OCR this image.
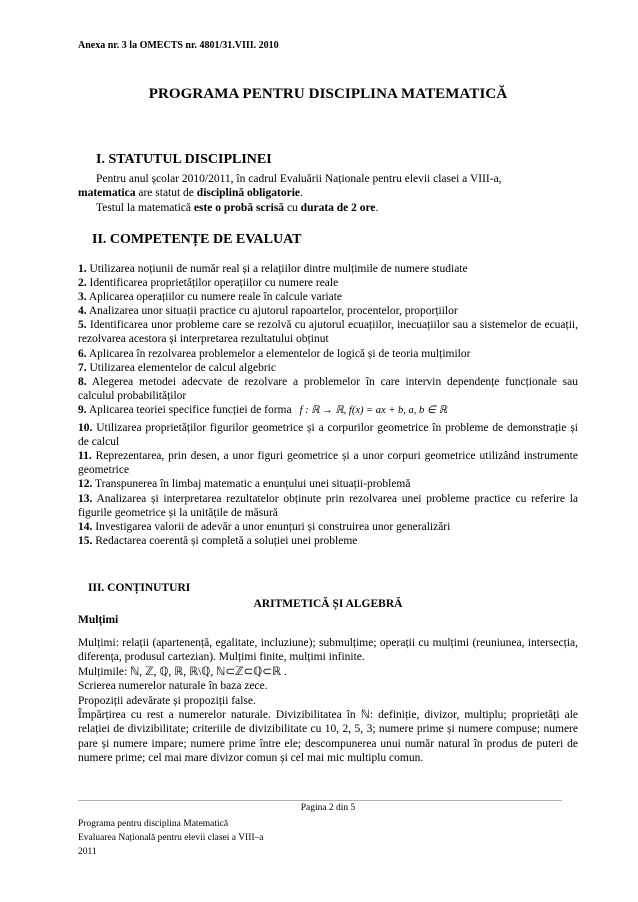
Anexa nr. 3 la OMECTS nr. 4801/31.VIII. 2010
PROGRAMA PENTRU DISCIPLINA MATEMATICĂ
I. STATUTUL DISCIPLINEI
Pentru anul școlar 2010/2011, în cadrul Evaluării Naționale pentru elevii clasei a VIII-a,
matematica are statut de disciplină obligatorie.
Testul la matematică este o probă scrisă cu durata de 2 ore.
II. COMPETENȚE DE EVALUAT
1. Utilizarea noțiunii de număr real și a relațiilor dintre mulțimile de numere studiate
2. Identificarea proprietăților operațiilor cu numere reale
3. Aplicarea operațiilor cu numere reale în calcule variate
4. Analizarea unor situații practice cu ajutorul rapoartelor, procentelor, proporțiilor
5. Identificarea unor probleme care se rezolvă cu ajutorul ecuațiilor, inecuațiilor sau a sistemelor de ecuații, rezolvarea acestora și interpretarea rezultatului obținut
6. Aplicarea în rezolvarea problemelor a elementelor de logică și de teoria mulțimilor
7. Utilizarea elementelor de calcul algebric
8. Alegerea metodei adecvate de rezolvare a problemelor în care intervin dependențe funcționale sau calculul probabilităților
9. Aplicarea teoriei specifice funcției de forma f : ℝ → ℝ, f(x) = ax + b, a, b ∈ ℝ
10. Utilizarea proprietăților figurilor geometrice și a corpurilor geometrice în probleme de demonstrație și de calcul
11. Reprezentarea, prin desen, a unor figuri geometrice și a unor corpuri geometrice utilizând instrumente geometrice
12. Transpunerea în limbaj matematic a enunțului unei situații-problemă
13. Analizarea și interpretarea rezultatelor obținute prin rezolvarea unei probleme practice cu referire la figurile geometrice și la unitățile de măsură
14. Investigarea valorii de adevăr a unor enunțuri și construirea unor generalizări
15. Redactarea coerentă și completă a soluției unei probleme
III. CONȚINUTURI
ARITMETICĂ ȘI ALGEBRĂ
Mulțimi
Mulțimi: relații (apartenență, egalitate, incluziune); submulțime; operații cu mulțimi (reuniunea, intersecția, diferența, produsul cartezian). Mulțimi finite, mulțimi infinite.
Mulțimile: ℕ, ℤ, ℚ, ℝ, ℝ\ℚ, ℕ⊂ℤ⊂ℚ⊂ℝ .
Scrierea numerelor naturale în baza zece.
Propoziții adevărate și propoziții false.
Împărțirea cu rest a numerelor naturale. Divizibilitatea în ℕ: definiție, divizor, multiplu; proprietăți ale relației de divizibilitate; criteriile de divizibilitate cu 10, 2, 5, 3; numere prime și numere compuse; numere pare și numere impare; numere prime între ele; descompunerea unui număr natural în produs de puteri de numere prime; cel mai mare divizor comun și cel mai mic multiplu comun.
Pagina 2 din 5
Programa pentru disciplina Matematică
Evaluarea Națională pentru elevii clasei a VIII–a
2011
